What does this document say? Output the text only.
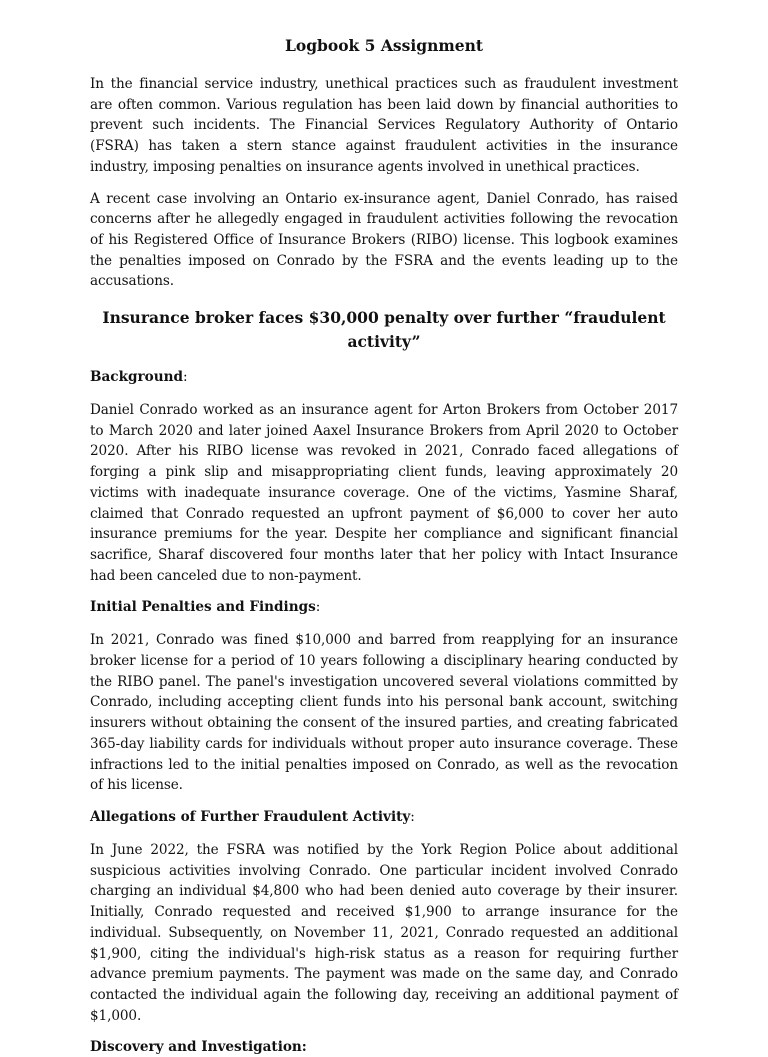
Logbook 5 Assignment

In the financial service industry, unethical practices such as fraudulent investment are often common. Various regulation has been laid down by financial authorities to prevent such incidents. The Financial Services Regulatory Authority of Ontario (FSRA) has taken a stern stance against fraudulent activities in the insurance industry, imposing penalties on insurance agents involved in unethical practices.

A recent case involving an Ontario ex-insurance agent, Daniel Conrado, has raised concerns after he allegedly engaged in fraudulent activities following the revocation of his Registered Office of Insurance Brokers (RIBO) license. This logbook examines the penalties imposed on Conrado by the FSRA and the events leading up to the accusations.

Insurance broker faces $30,000 penalty over further “fraudulent activity”
Background:

Daniel Conrado worked as an insurance agent for Arton Brokers from October 2017 to March 2020 and later joined Aaxel Insurance Brokers from April 2020 to October 2020. After his RIBO license was revoked in 2021, Conrado faced allegations of forging a pink slip and misappropriating client funds, leaving approximately 20 victims with inadequate insurance coverage. One of the victims, Yasmine Sharaf, claimed that Conrado requested an upfront payment of $6,000 to cover her auto insurance premiums for the year. Despite her compliance and significant financial sacrifice, Sharaf discovered four months later that her policy with Intact Insurance had been canceled due to non-payment.

Initial Penalties and Findings:

In 2021, Conrado was fined $10,000 and barred from reapplying for an insurance broker license for a period of 10 years following a disciplinary hearing conducted by the RIBO panel. The panel's investigation uncovered several violations committed by Conrado, including accepting client funds into his personal bank account, switching insurers without obtaining the consent of the insured parties, and creating fabricated 365-day liability cards for individuals without proper auto insurance coverage. These infractions led to the initial penalties imposed on Conrado, as well as the revocation of his license.

Allegations of Further Fraudulent Activity:

In June 2022, the FSRA was notified by the York Region Police about additional suspicious activities involving Conrado. One particular incident involved Conrado charging an individual $4,800 who had been denied auto coverage by their insurer. Initially, Conrado requested and received $1,900 to arrange insurance for the individual. Subsequently, on November 11, 2021, Conrado requested an additional $1,900, citing the individual's high-risk status as a reason for requiring further advance premium payments. The payment was made on the same day, and Conrado contacted the individual again the following day, receiving an additional payment of $1,000.

Discovery and Investigation:
